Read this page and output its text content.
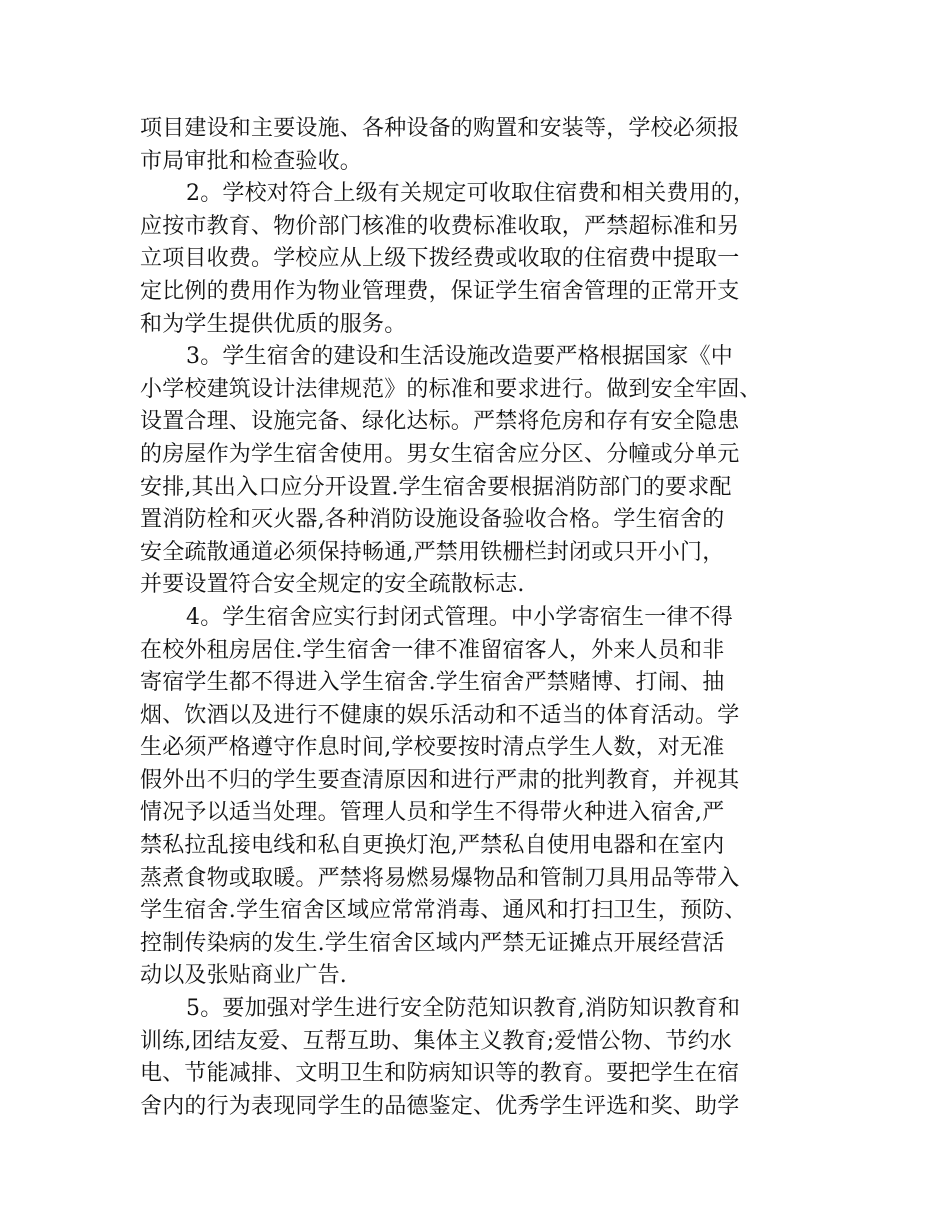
项目建设和主要设施、各种设备的购置和安装等，学校必须报
市局审批和检查验收。
2。学校对符合上级有关规定可收取住宿费和相关费用的，
应按市教育、物价部门核准的收费标准收取，严禁超标准和另
立项目收费。学校应从上级下拨经费或收取的住宿费中提取一
定比例的费用作为物业管理费，保证学生宿舍管理的正常开支
和为学生提供优质的服务。
3。学生宿舍的建设和生活设施改造要严格根据国家《中
小学校建筑设计法律规范》的标准和要求进行。做到安全牢固、
设置合理、设施完备、绿化达标。严禁将危房和存有安全隐患
的房屋作为学生宿舍使用。男女生宿舍应分区、分幢或分单元
安排,其出入口应分开设置.学生宿舍要根据消防部门的要求配
置消防栓和灭火器,各种消防设施设备验收合格。学生宿舍的
安全疏散通道必须保持畅通,严禁用铁栅栏封闭或只开小门，
并要设置符合安全规定的安全疏散标志.
4。学生宿舍应实行封闭式管理。中小学寄宿生一律不得
在校外租房居住.学生宿舍一律不准留宿客人，外来人员和非
寄宿学生都不得进入学生宿舍.学生宿舍严禁赌博、打闹、抽
烟、饮酒以及进行不健康的娱乐活动和不适当的体育活动。学
生必须严格遵守作息时间,学校要按时清点学生人数，对无准
假外出不归的学生要查清原因和进行严肃的批判教育，并视其
情况予以适当处理。管理人员和学生不得带火种进入宿舍,严
禁私拉乱接电线和私自更换灯泡,严禁私自使用电器和在室内
蒸煮食物或取暖。严禁将易燃易爆物品和管制刀具用品等带入
学生宿舍.学生宿舍区域应常常消毒、通风和打扫卫生，预防、
控制传染病的发生.学生宿舍区域内严禁无证摊点开展经营活
动以及张贴商业广告.
5。要加强对学生进行安全防范知识教育,消防知识教育和
训练,团结友爱、互帮互助、集体主义教育;爱惜公物、节约水
电、节能减排、文明卫生和防病知识等的教育。要把学生在宿
舍内的行为表现同学生的品德鉴定、优秀学生评选和奖、助学
